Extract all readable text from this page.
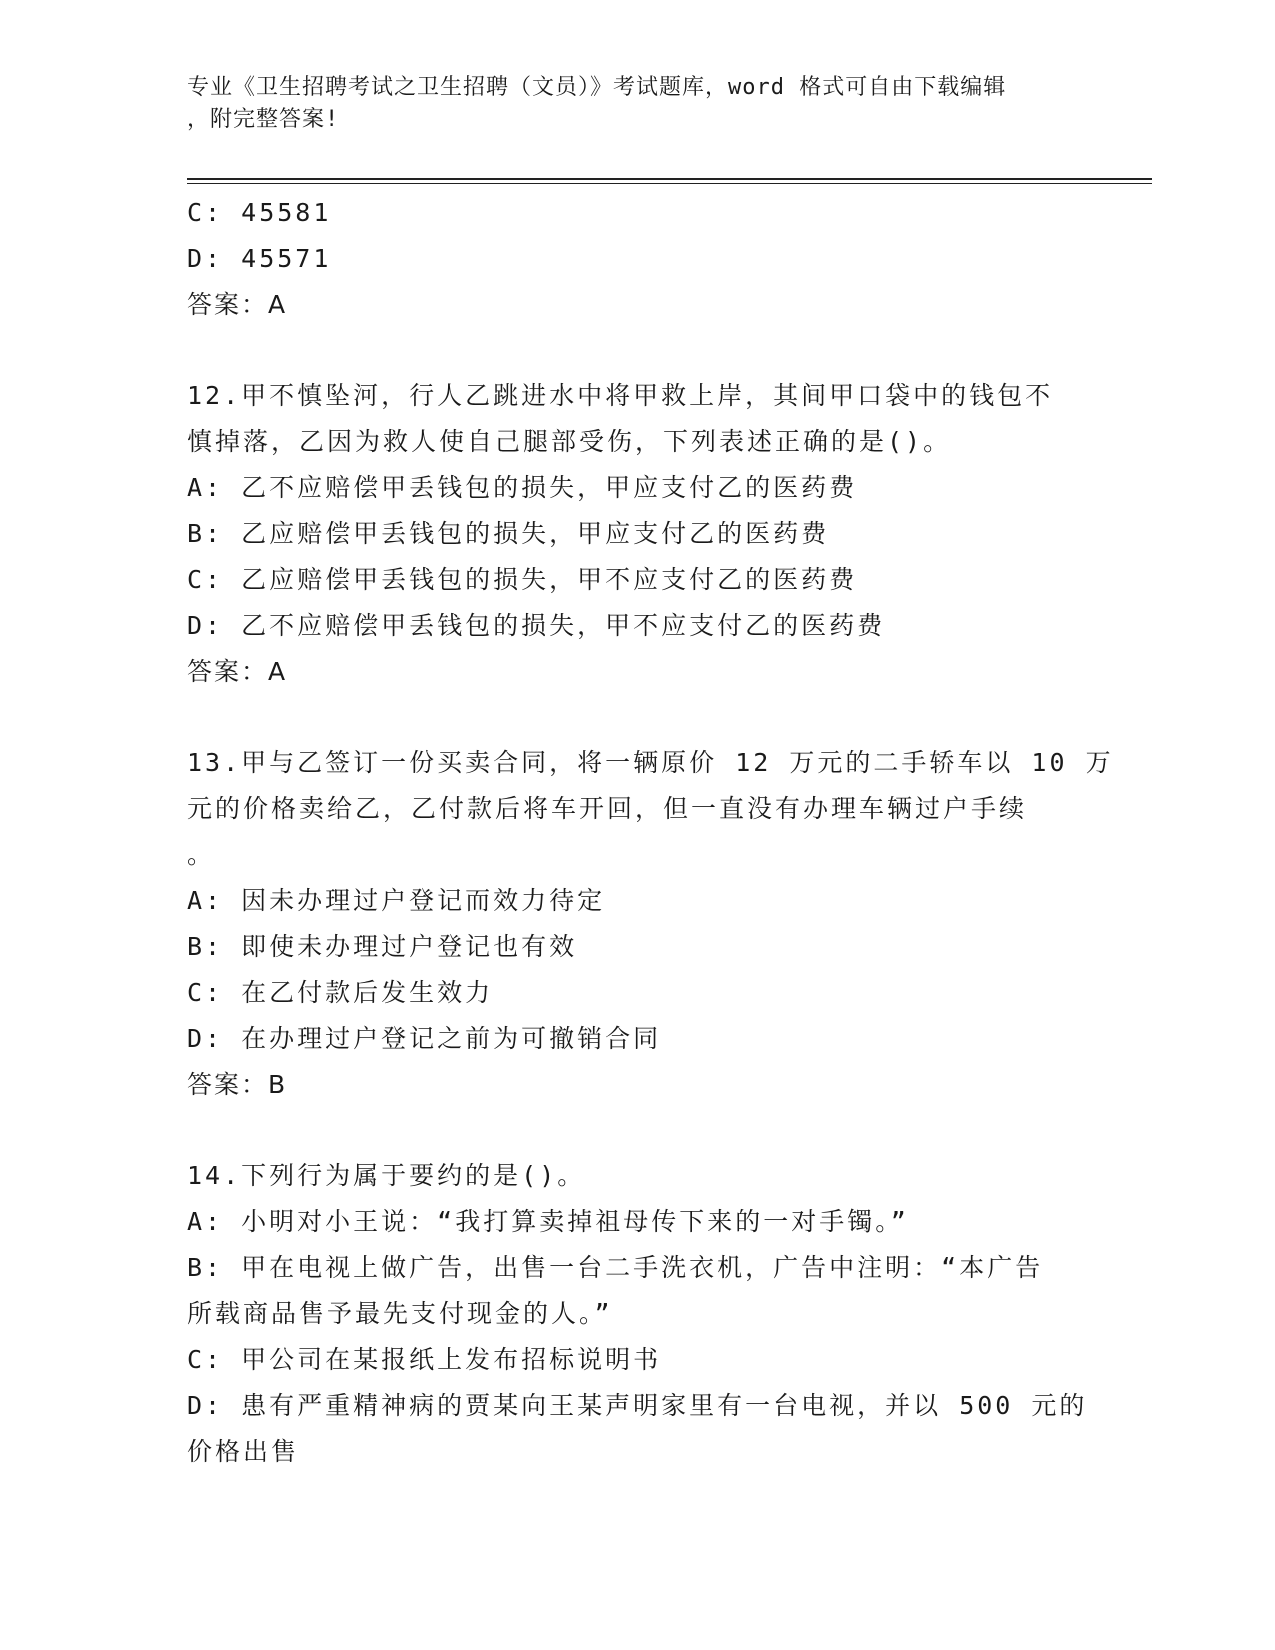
专业《卫生招聘考试之卫生招聘（文员）》考试题库，word 格式可自由下载编辑
，附完整答案!
C: 45581
D: 45571
答案：A
12.甲不慎坠河，行人乙跳进水中将甲救上岸，其间甲口袋中的钱包不
慎掉落，乙因为救人使自己腿部受伤，下列表述正确的是()。
A: 乙不应赔偿甲丢钱包的损失，甲应支付乙的医药费
B: 乙应赔偿甲丢钱包的损失，甲应支付乙的医药费
C: 乙应赔偿甲丢钱包的损失，甲不应支付乙的医药费
D: 乙不应赔偿甲丢钱包的损失，甲不应支付乙的医药费
答案：A
13.甲与乙签订一份买卖合同，将一辆原价 12 万元的二手轿车以 10 万
元的价格卖给乙，乙付款后将车开回，但一直没有办理车辆过户手续
。
A: 因未办理过户登记而效力待定
B: 即使未办理过户登记也有效
C: 在乙付款后发生效力
D: 在办理过户登记之前为可撤销合同
答案：B
14.下列行为属于要约的是()。
A: 小明对小王说：“我打算卖掉祖母传下来的一对手镯。”
B: 甲在电视上做广告，出售一台二手洗衣机，广告中注明：“本广告
所载商品售予最先支付现金的人。”
C: 甲公司在某报纸上发布招标说明书
D: 患有严重精神病的贾某向王某声明家里有一台电视，并以 500 元的
价格出售
